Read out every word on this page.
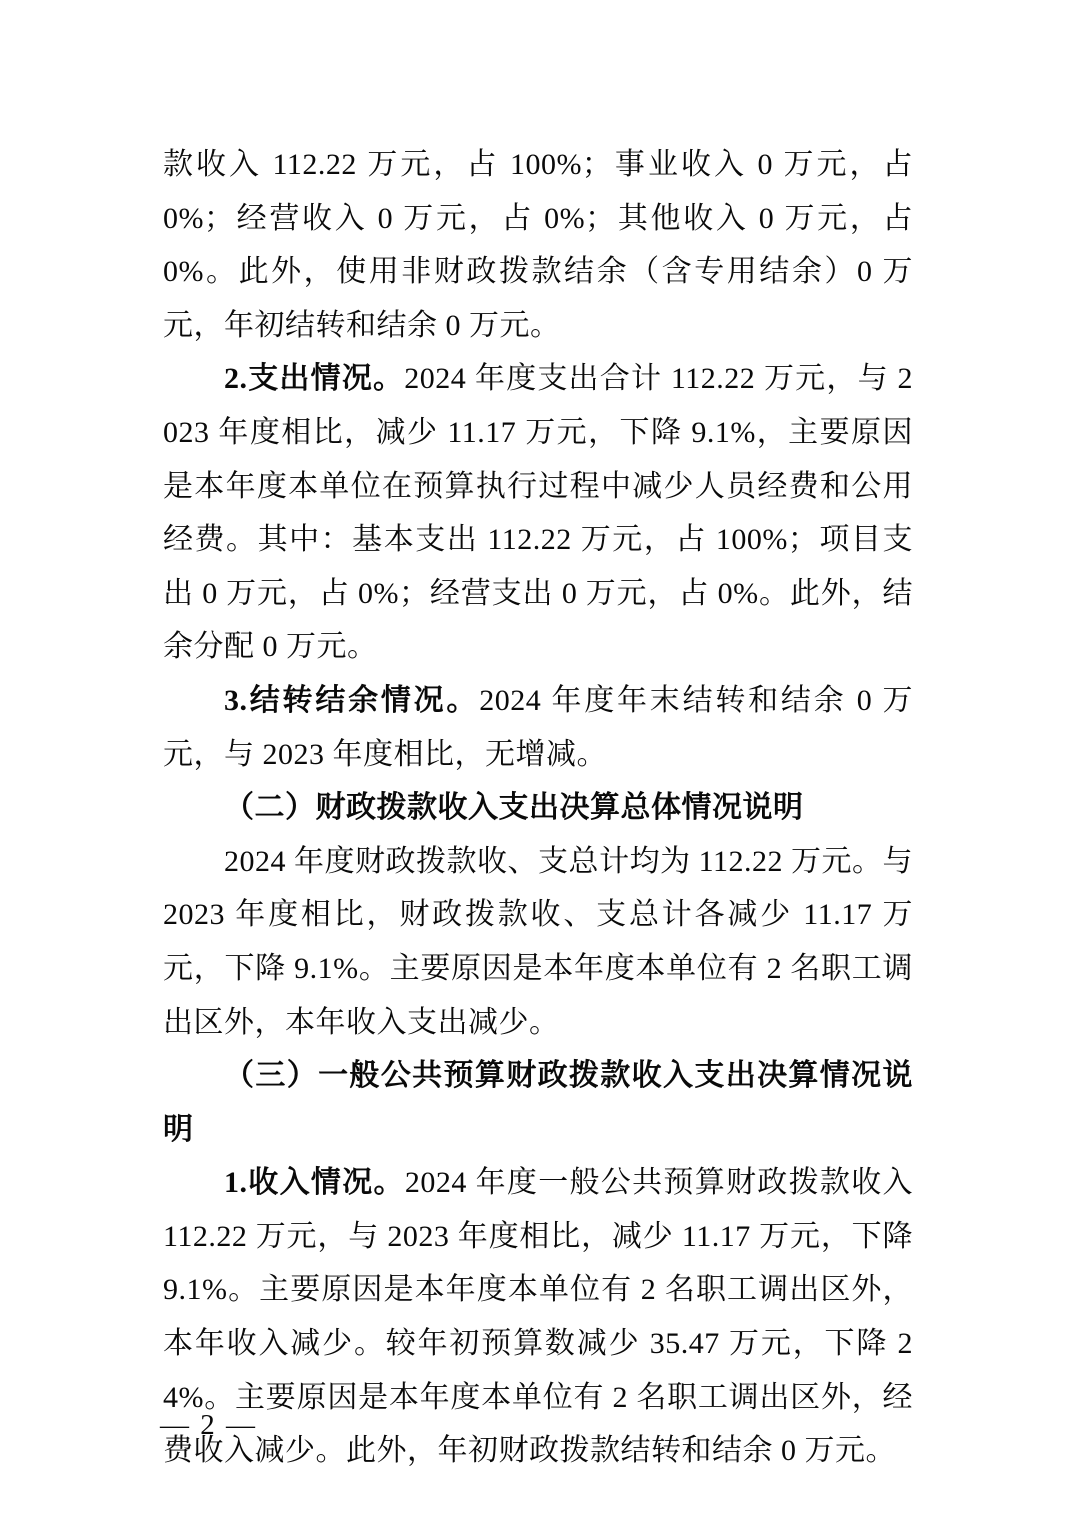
款收入 112.22 万元，占 100%；事业收入 0 万元，占 0%；经营收入 0 万元，占 0%；其他收入 0 万元，占 0%。此外，使用非财政拨款结余（含专用结余）0 万元，年初结转和结余 0 万元。

2.支出情况。2024 年度支出合计 112.22 万元，与 2023 年度相比，减少 11.17 万元，下降 9.1%，主要原因是本年度本单位在预算执行过程中减少人员经费和公用经费。其中：基本支出 112.22 万元，占 100%；项目支出 0 万元，占 0%；经营支出 0 万元，占 0%。此外，结余分配 0 万元。

3.结转结余情况。2024 年度年末结转和结余 0 万元，与 2023 年度相比，无增减。

（二）财政拨款收入支出决算总体情况说明

2024 年度财政拨款收、支总计均为 112.22 万元。与 2023 年度相比，财政拨款收、支总计各减少 11.17 万元，下降 9.1%。主要原因是本年度本单位有 2 名职工调出区外，本年收入支出减少。

（三）一般公共预算财政拨款收入支出决算情况说明

1.收入情况。2024 年度一般公共预算财政拨款收入 112.22 万元，与 2023 年度相比，减少 11.17 万元，下降 9.1%。主要原因是本年度本单位有 2 名职工调出区外，本年收入减少。较年初预算数减少 35.47 万元，下降 24%。主要原因是本年度本单位有 2 名职工调出区外，经费收入减少。此外，年初财政拨款结转和结余 0 万元。

— 2 —
